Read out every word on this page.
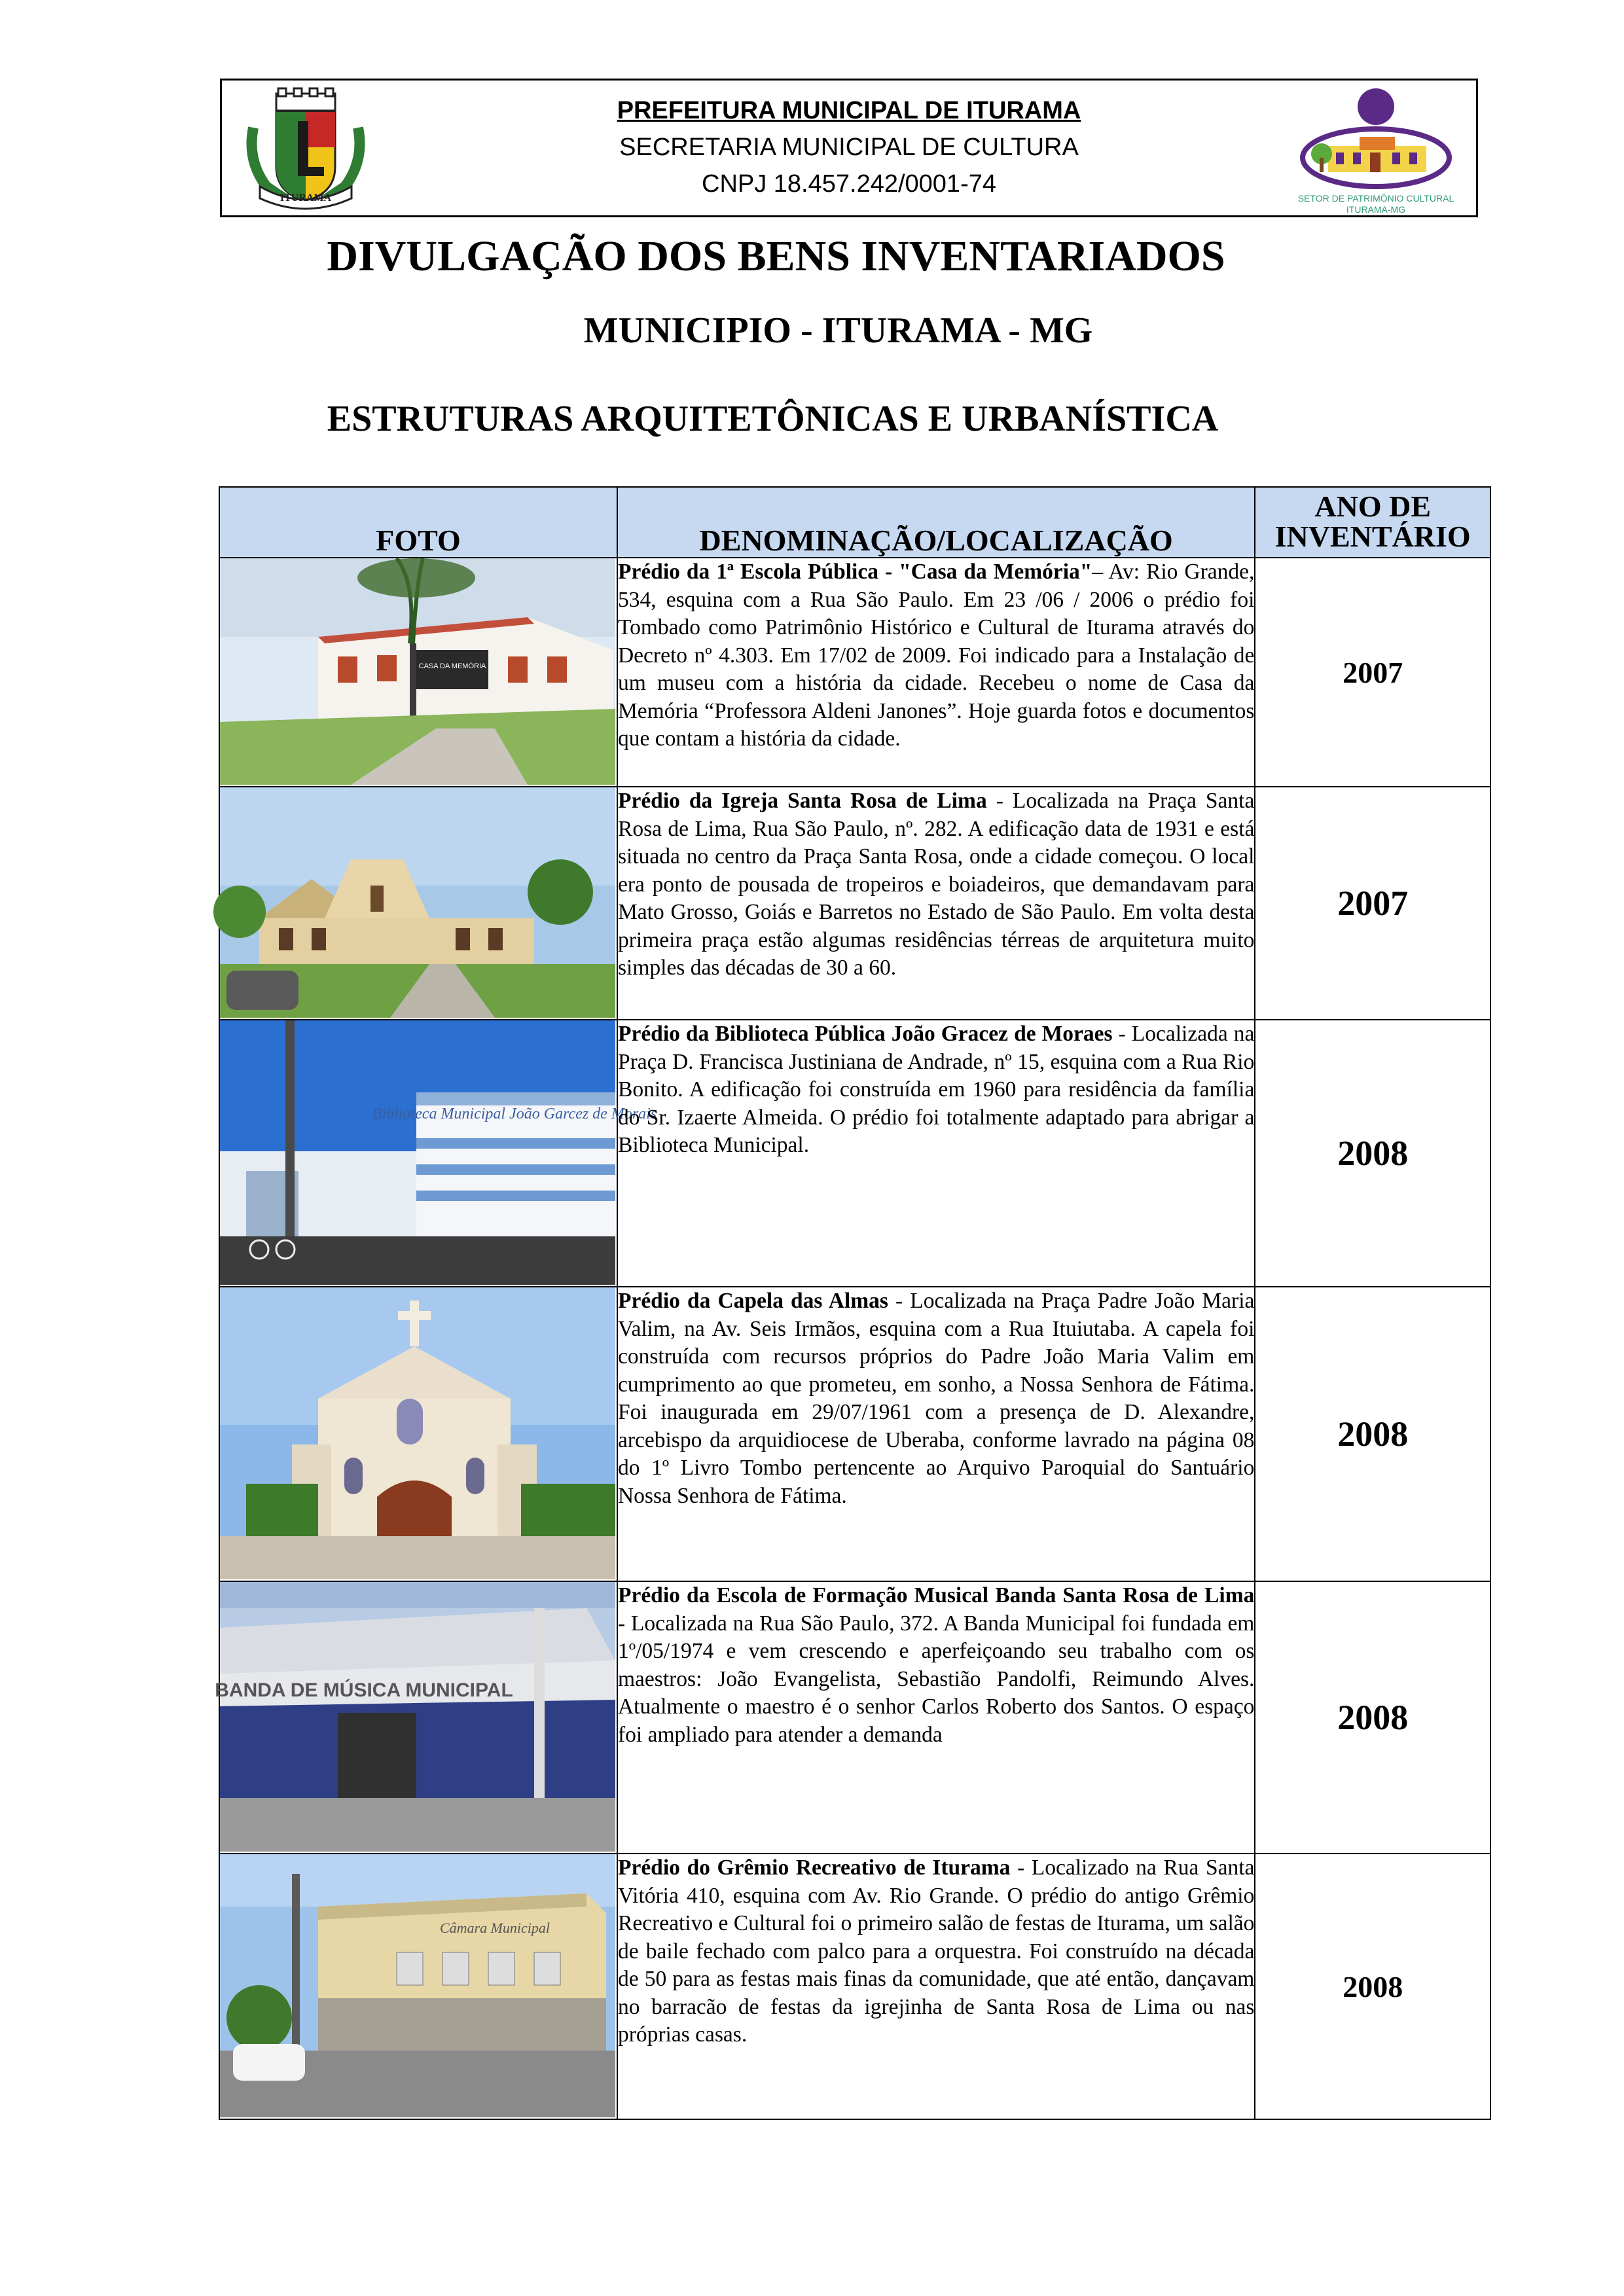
ITURAMA
PREFEITURA MUNICIPAL DE ITURAMA
SECRETARIA MUNICIPAL DE CULTURA
CNPJ 18.457.242/0001-74
SETOR DE PATRIMÔNIO CULTURAL
ITURAMA-MG
DIVULGAÇÃO DOS BENS INVENTARIADOS
MUNICIPIO - ITURAMA - MG
ESTRUTURAS ARQUITETÔNICAS E URBANÍSTICA
FOTO	DENOMINAÇÃO/LOCALIZAÇÃO	ANO DE
INVENTÁRIO

CASA DA MEMÓRIA	Prédio da 1ª Escola Pública - "Casa da Memória"– Av: Rio Grande, 534, esquina com a Rua São Paulo. Em 23 /06 / 2006 o prédio foi Tombado como Patrimônio Histórico e Cultural de Iturama através do Decreto nº 4.303. Em 17/02 de 2009. Foi indicado para a Instalação de um museu com a história da cidade. Recebeu o nome de Casa da Memória “Professora Aldeni Janones”. Hoje guarda fotos e documentos que contam a história da cidade.	2007

	Prédio da Igreja Santa Rosa de Lima - Localizada na Praça Santa Rosa de Lima, Rua São Paulo, nº. 282. A edificação data de 1931 e está situada no centro da Praça Santa Rosa, onde a cidade começou. O local era ponto de pousada de tropeiros e boiadeiros, que demandavam para Mato Grosso, Goiás e Barretos no Estado de São Paulo. Em volta desta primeira praça estão algumas residências térreas de arquitetura muito simples das décadas de 30 a 60.	2007

Biblioteca Municipal João Garcez de Morais	Prédio da Biblioteca Pública João Gracez de Moraes - Localizada na Praça D. Francisca Justiniana de Andrade, nº 15, esquina com a Rua Rio Bonito. A edificação foi construída em 1960 para residência da família do Sr. Izaerte Almeida. O prédio foi totalmente adaptado para abrigar a Biblioteca Municipal.	2008

	Prédio da Capela das Almas - Localizada na Praça Padre João Maria Valim, na Av. Seis Irmãos, esquina com a Rua Ituiutaba. A capela foi construída com recursos próprios do Padre João Maria Valim em cumprimento ao que prometeu, em sonho, a Nossa Senhora de Fátima. Foi inaugurada em 29/07/1961 com a presença de D. Alexandre, arcebispo da arquidiocese de Uberaba, conforme lavrado na página 08 do 1º Livro Tombo pertencente ao Arquivo Paroquial do Santuário Nossa Senhora de Fátima.	2008

BANDA DE MÚSICA MUNICIPAL	Prédio da Escola de Formação Musical Banda Santa Rosa de Lima - Localizada na Rua São Paulo, 372. A Banda Municipal foi fundada em 1º/05/1974 e vem crescendo e aperfeiçoando seu trabalho com os maestros: João Evangelista, Sebastião Pandolfi, Reimundo Alves. Atualmente o maestro é o senhor Carlos Roberto dos Santos. O espaço foi ampliado para atender a demanda	2008

Câmara Municipal	Prédio do Grêmio Recreativo de Iturama - Localizado na Rua Santa Vitória 410, esquina com Av. Rio Grande. O prédio do antigo Grêmio Recreativo e Cultural foi o primeiro salão de festas de Iturama, um salão de baile fechado com palco para a orquestra. Foi construído na década de 50 para as festas mais finas da comunidade, que até então, dançavam no barracão de festas da igrejinha de Santa Rosa de Lima ou nas próprias casas.	2008
